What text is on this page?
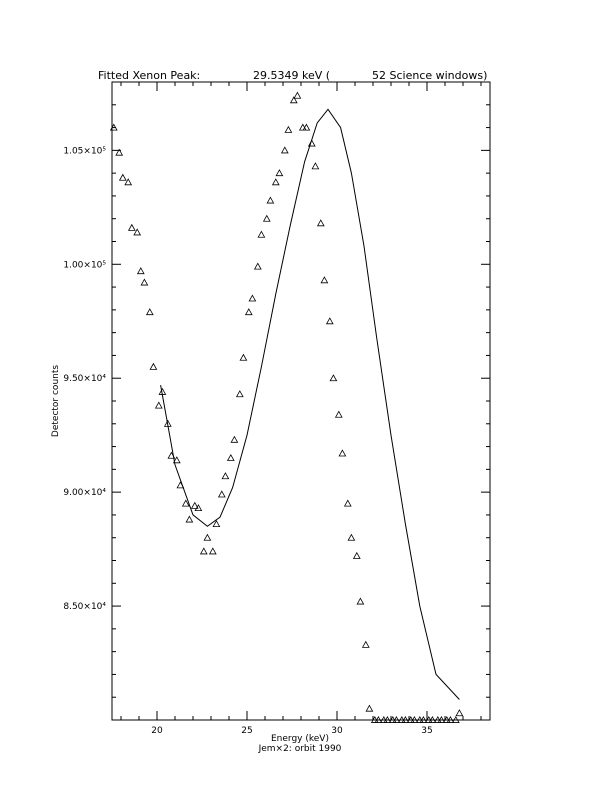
Fitted Xenon Peak:	29.5349 keV (	52 Science windows)
Detector counts
Energy (keV)
Jem×2: orbit 1990
20	25	30	35
8.50×10⁴
9.00×10⁴
9.50×10⁴
1.00×10⁵
1.05×10⁵
